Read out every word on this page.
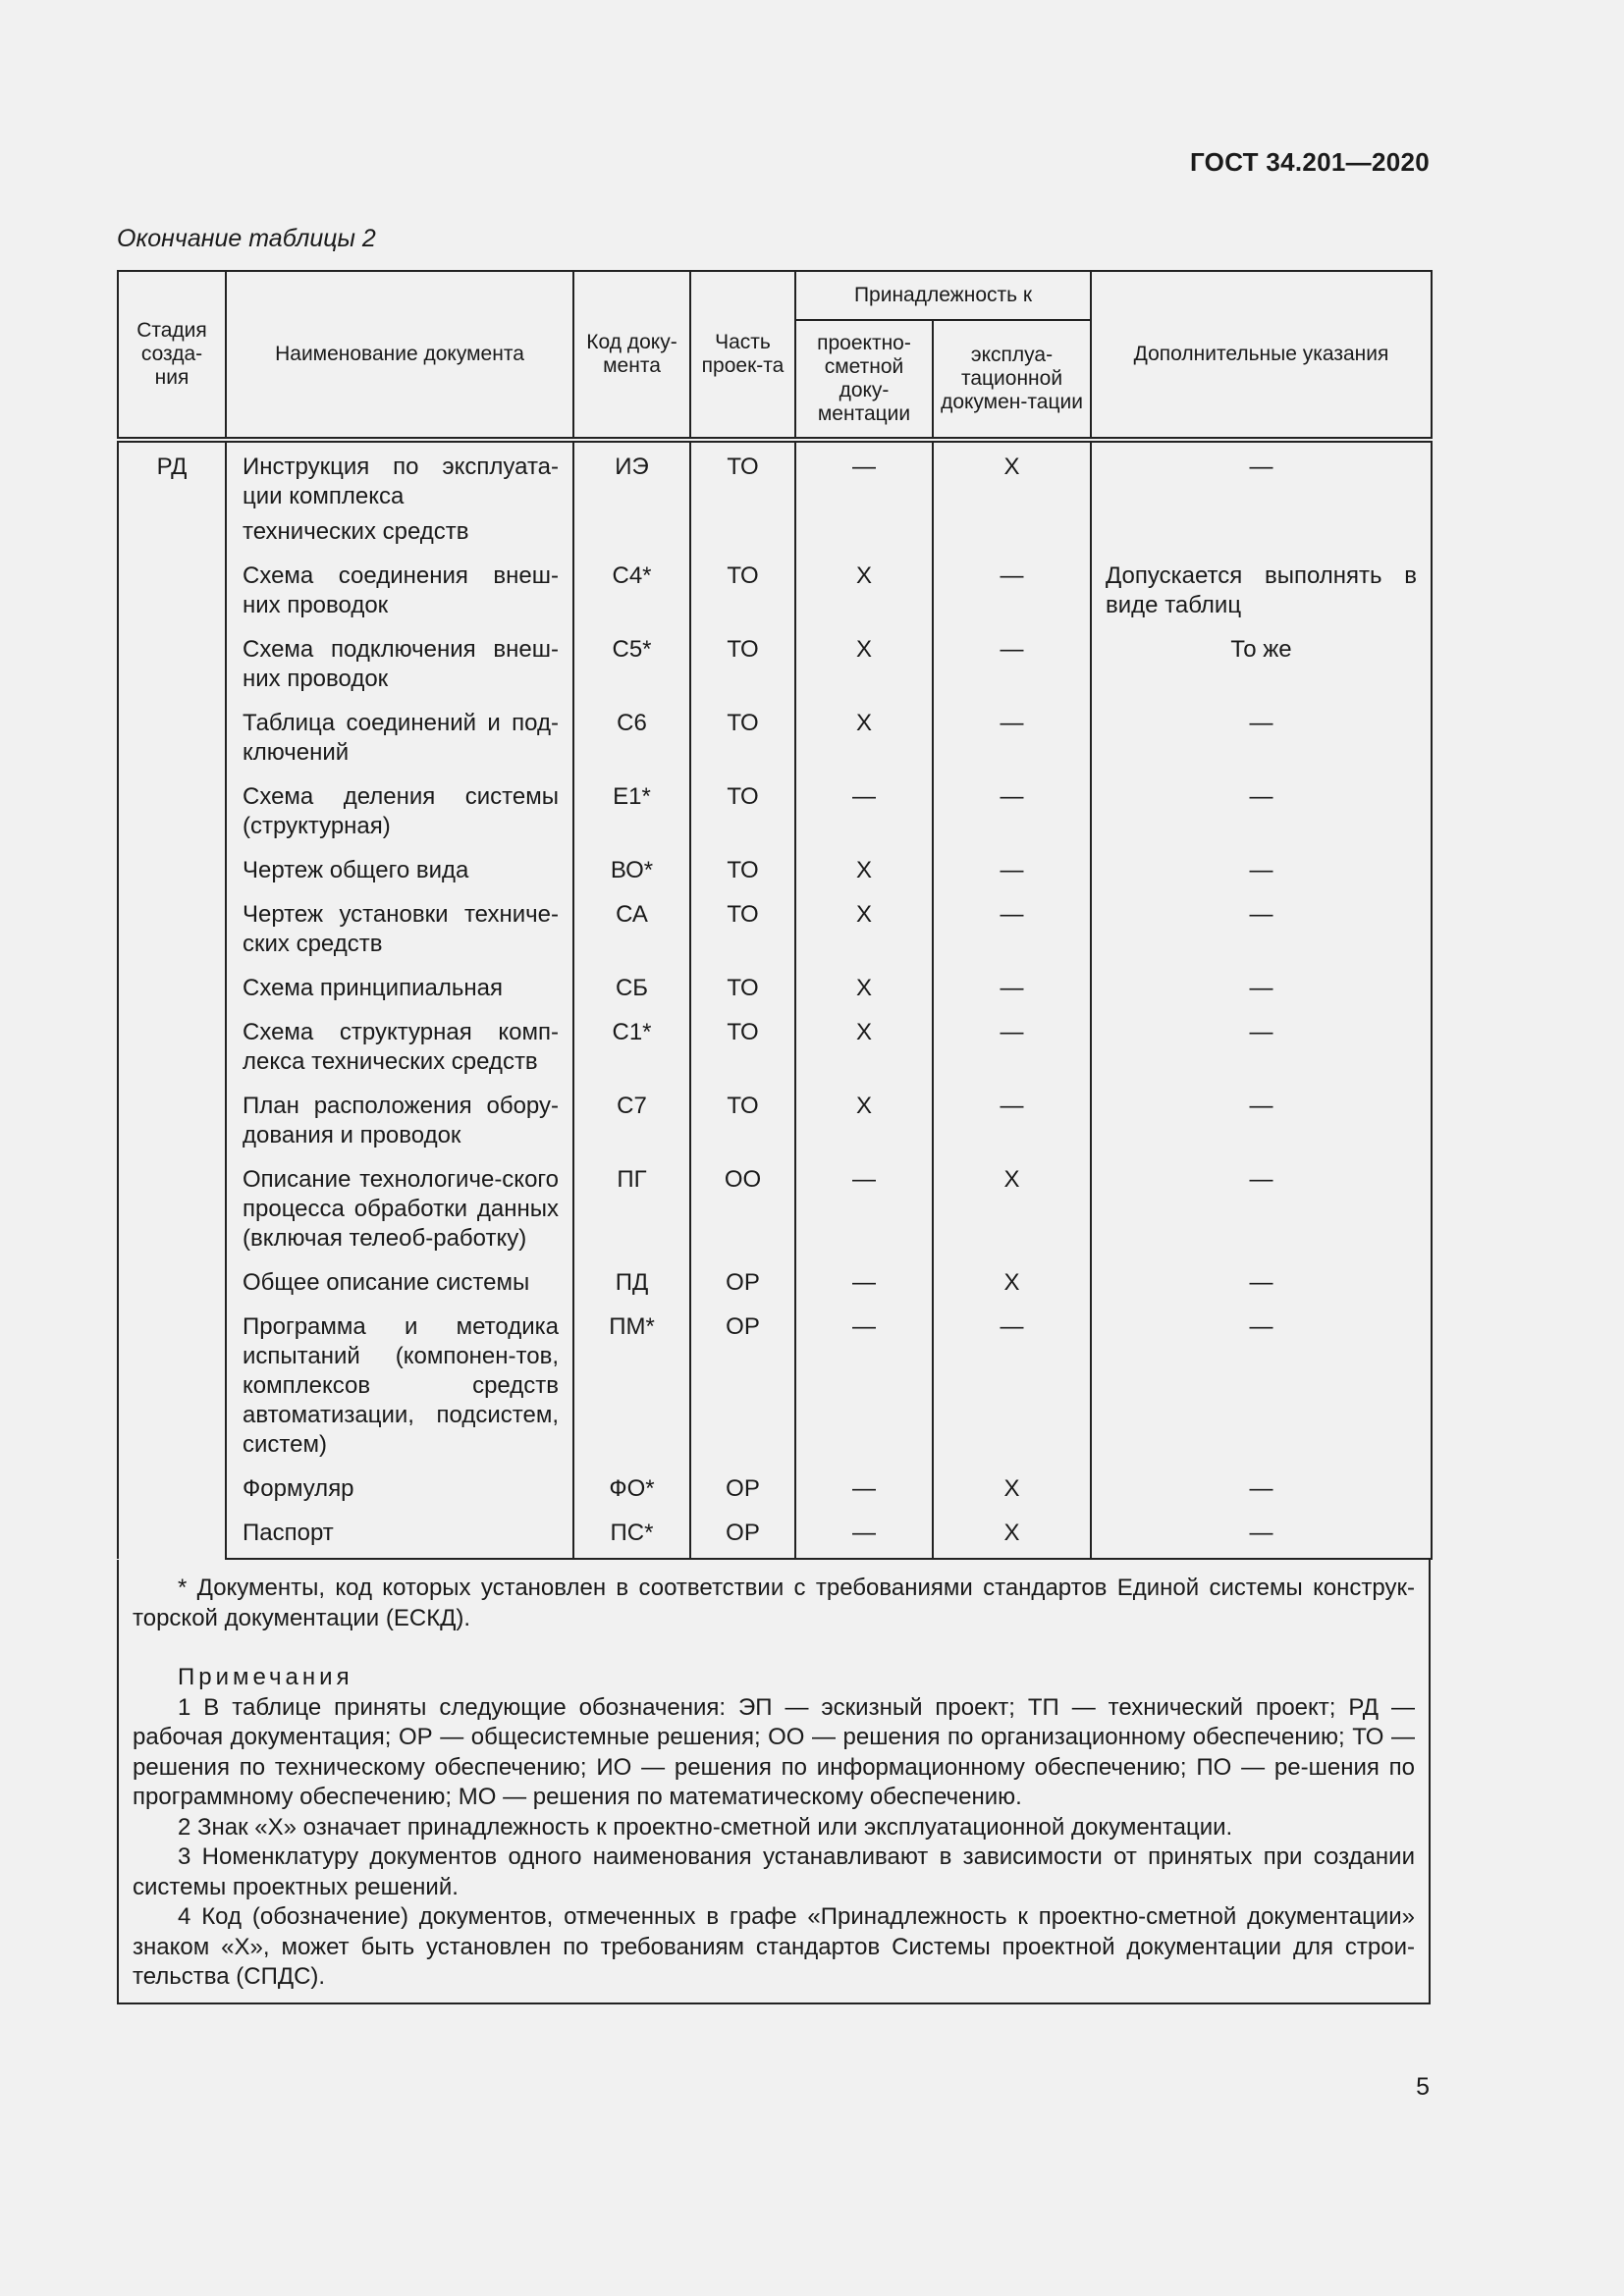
ГОСТ 34.201—2020
Окончание таблицы 2
Стадия созда-ния	Наименование документа	Код доку-мента	Часть проек-та	Принадлежность к		Дополнительные указания
				проектно-сметной доку-ментации	эксплуа-тационной докумен-тации	
РД	Инструкция по эксплуата-ции комплекса	ИЭ	ТО	—	X	—
	технических средств					
	Схема соединения внеш-них проводок	С4*	ТО	X	—	Допускается выполнять в виде таблиц
	Схема подключения внеш-них проводок	С5*	ТО	X	—	То же
	Таблица соединений и под-ключений	С6	ТО	X	—	—
	Схема деления системы (структурная)	Е1*	ТО	—	—	—
	Чертеж общего вида	ВО*	ТО	X	—	—
	Чертеж установки техниче-ских средств	СА	ТО	X	—	—
	Схема принципиальная	СБ	ТО	X	—	—
	Схема структурная комп-лекса технических средств	С1*	ТО	X	—	—
	План расположения обору-дования и проводок	С7	ТО	X	—	—
	Описание технологиче-ского процесса обработки данных (включая телеоб-работку)	ПГ	ОО	—	X	—
	Общее описание системы	ПД	ОР	—	X	—
	Программа и методика испытаний (компонен-тов, комплексов средств автоматизации, подсистем, систем)	ПМ*	ОР	—	—	—
	Формуляр	ФО*	ОР	—	X	—
	Паспорт	ПС*	ОР	—	X	—

* Документы, код которых установлен в соответствии с требованиями стандартов Единой системы конструк-торской документации (ЕСКД).

Примечания

1 В таблице приняты следующие обозначения: ЭП — эскизный проект; ТП — технический проект; РД — рабочая документация; ОР — общесистемные решения; ОО — решения по организационному обеспечению; ТО — решения по техническому обеспечению; ИО — решения по информационному обеспечению; ПО — ре-шения по программному обеспечению; МО — решения по математическому обеспечению.

2 Знак «Х» означает принадлежность к проектно-сметной или эксплуатационной документации.

3 Номенклатуру документов одного наименования устанавливают в зависимости от принятых при создании системы проектных решений.

4 Код (обозначение) документов, отмеченных в графе «Принадлежность к проектно-сметной документации» знаком «Х», может быть установлен по требованиям стандартов Системы проектной документации для строи-тельства (СПДС).

5
